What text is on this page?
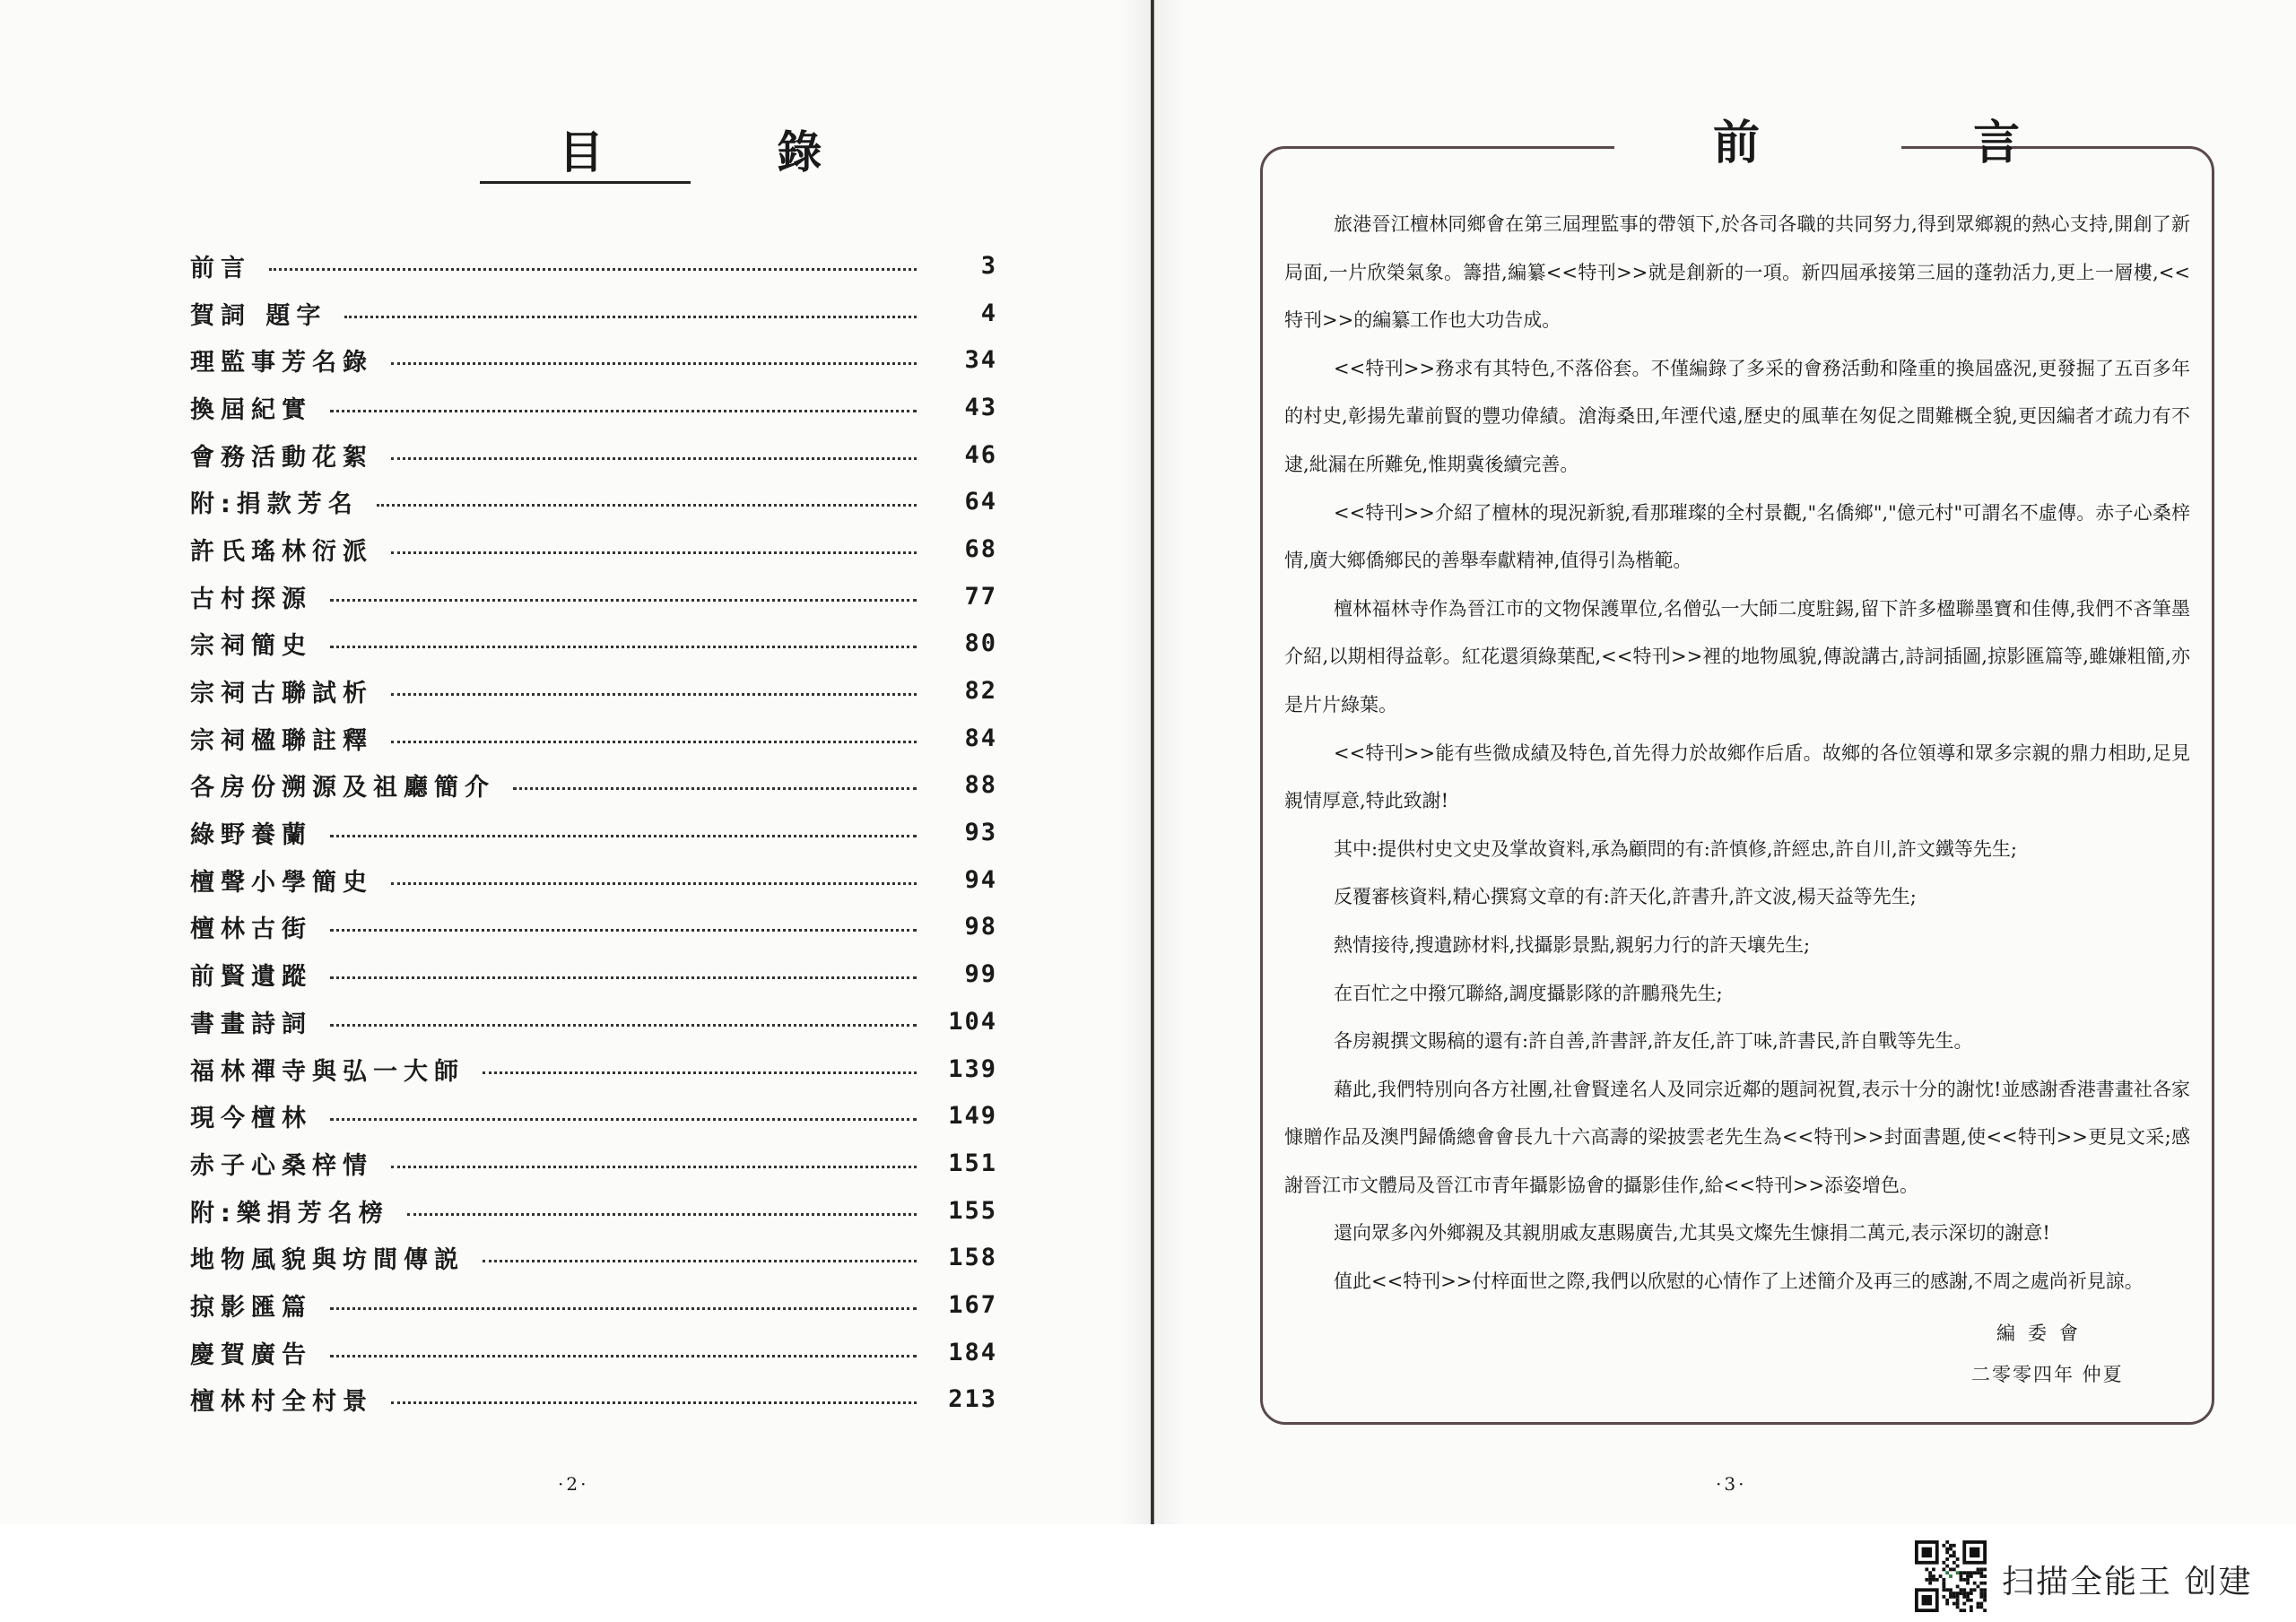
目 錄
前言	3
賀詞 題字	4
理監事芳名錄	34
換屆紀實	43
會務活動花絮	46
附:捐款芳名	64
許氏瑤林衍派	68
古村探源	77
宗祠簡史	80
宗祠古聯試析	82
宗祠楹聯註釋	84
各房份溯源及祖廳簡介	88
綠野養蘭	93
檀聲小學簡史	94
檀林古街	98
前賢遺蹤	99
書畫詩詞	104
福林禪寺與弘一大師	139
現今檀林	149
赤子心桑梓情	151
附:樂捐芳名榜	155
地物風貌與坊間傳説	158
掠影匯篇	167
慶賀廣告	184
檀林村全村景	213
·2·
前 言

旅港晉江檀林同鄉會在第三屆理監事的帶領下,於各司各職的共同努力,得到眾鄉親的熱心支持,開創了新局面,一片欣榮氣象。籌措,編纂<<特刊>>就是創新的一項。新四屆承接第三屆的蓬勃活力,更上一層樓,<<特刊>>的編纂工作也大功告成。

<<特刊>>務求有其特色,不落俗套。不僅編錄了多采的會務活動和隆重的換屆盛況,更發掘了五百多年的村史,彰揚先輩前賢的豐功偉績。滄海桑田,年湮代遠,歷史的風華在匆促之間難概全貌,更因編者才疏力有不逮,紕漏在所難免,惟期冀後續完善。

<<特刊>>介紹了檀林的現況新貌,看那璀璨的全村景觀,"名僑鄉","億元村"可謂名不虛傳。赤子心桑梓情,廣大鄉僑鄉民的善舉奉獻精神,值得引為楷範。

檀林福林寺作為晉江市的文物保護單位,名僧弘一大師二度駐錫,留下許多楹聯墨寶和佳傳,我們不吝筆墨介紹,以期相得益彰。紅花還須綠葉配,<<特刊>>裡的地物風貌,傳說講古,詩詞插圖,掠影匯篇等,雖嫌粗簡,亦是片片綠葉。

<<特刊>>能有些微成績及特色,首先得力於故鄉作后盾。故鄉的各位領導和眾多宗親的鼎力相助,足見親情厚意,特此致謝!

其中:提供村史文史及掌故資料,承為顧問的有:許慎修,許經忠,許自川,許文鐵等先生;

反覆審核資料,精心撰寫文章的有:許天化,許書升,許文波,楊天益等先生;

熱情接待,搜遺跡材料,找攝影景點,親躬力行的許天壤先生;

在百忙之中撥冗聯絡,調度攝影隊的許鵬飛先生;

各房親撰文賜稿的還有:許自善,許書評,許友任,許丁味,許書民,許自戰等先生。

藉此,我們特別向各方社團,社會賢達名人及同宗近鄰的題詞祝賀,表示十分的謝忱!並感謝香港書畫社各家慷贈作品及澳門歸僑總會會長九十六高壽的梁披雲老先生為<<特刊>>封面書題,使<<特刊>>更見文采;感謝晉江市文體局及晉江市青年攝影協會的攝影佳作,給<<特刊>>添姿增色。

還向眾多內外鄉親及其親朋戚友惠賜廣告,尤其吳文燦先生慷捐二萬元,表示深切的謝意!

值此<<特刊>>付梓面世之際,我們以欣慰的心情作了上述簡介及再三的感謝,不周之處尚祈見諒。

編委會
二零零四年 仲夏
·3·
扫描全能王 创建
